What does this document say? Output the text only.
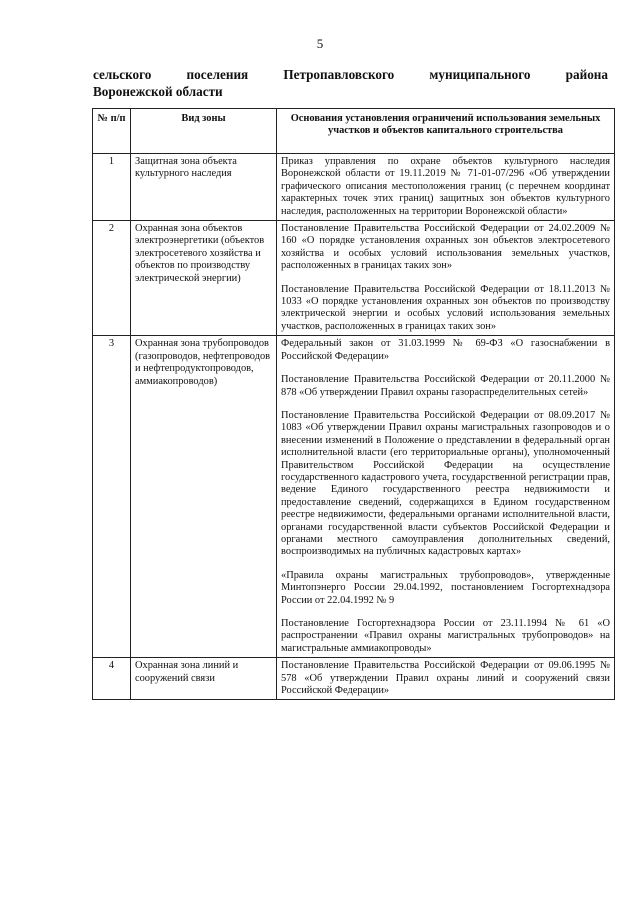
5
сельского поселения Петропавловского муниципального района
Воронежской области
№ п/п	Вид зоны	Основания установления ограничений использования земельных участков и объектов капитального строительства
1	Защитная зона объекта культурного наследия	Приказ управления по охране объектов культурного наследия Воронежской области от 19.11.2019 № 71-01-07/296 «Об утверждении графического описания местоположения границ (с перечнем координат характерных точек этих границ) защитных зон объектов культурного наследия, расположенных на территории Воронежской области»

2	Охранная зона объектов электроэнергетики (объектов электросетевого хозяйства и объектов по производству электрической энергии)	Постановление Правительства Российской Федерации от 24.02.2009 № 160 «О порядке установления охранных зон объектов электросетевого хозяйства и особых условий использования земельных участков, расположенных в границах таких зон»

Постановление Правительства Российской Федерации от 18.11.2013 № 1033 «О порядке установления охранных зон объектов по производству электрической энергии и особых условий использования земельных участков, расположенных в границах таких зон»

3	Охранная зона трубопроводов (газопроводов, нефтепроводов и нефтепродуктопроводов, аммиакопроводов)	Федеральный закон от 31.03.1999 № 69-ФЗ «О газоснабжении в Российской Федерации»

Постановление Правительства Российской Федерации от 20.11.2000 № 878 «Об утверждении Правил охраны газораспределительных сетей»

Постановление Правительства Российской Федерации от 08.09.2017 № 1083 «Об утверждении Правил охраны магистральных газопроводов и о внесении изменений в Положение о представлении в федеральный орган исполнительной власти (его территориальные органы), уполномоченный Правительством Российской Федерации на осуществление государственного кадастрового учета, государственной регистрации прав, ведение Единого государственного реестра недвижимости и предоставление сведений, содержащихся в Едином государственном реестре недвижимости, федеральными органами исполнительной власти, органами государственной власти субъектов Российской Федерации и органами местного самоуправления дополнительных сведений, воспроизводимых на публичных кадастровых картах»

«Правила охраны магистральных трубопроводов», утвержденные Минтопэнерго России 29.04.1992, постановлением Госгортехнадзора России от 22.04.1992 № 9

Постановление Госгортехнадзора России от 23.11.1994 № 61 «О распространении «Правил охраны магистральных трубопроводов» на магистральные аммиакопроводы»

4	Охранная зона линий и сооружений связи	Постановление Правительства Российской Федерации от 09.06.1995 № 578 «Об утверждении Правил охраны линий и сооружений связи Российской Федерации»
